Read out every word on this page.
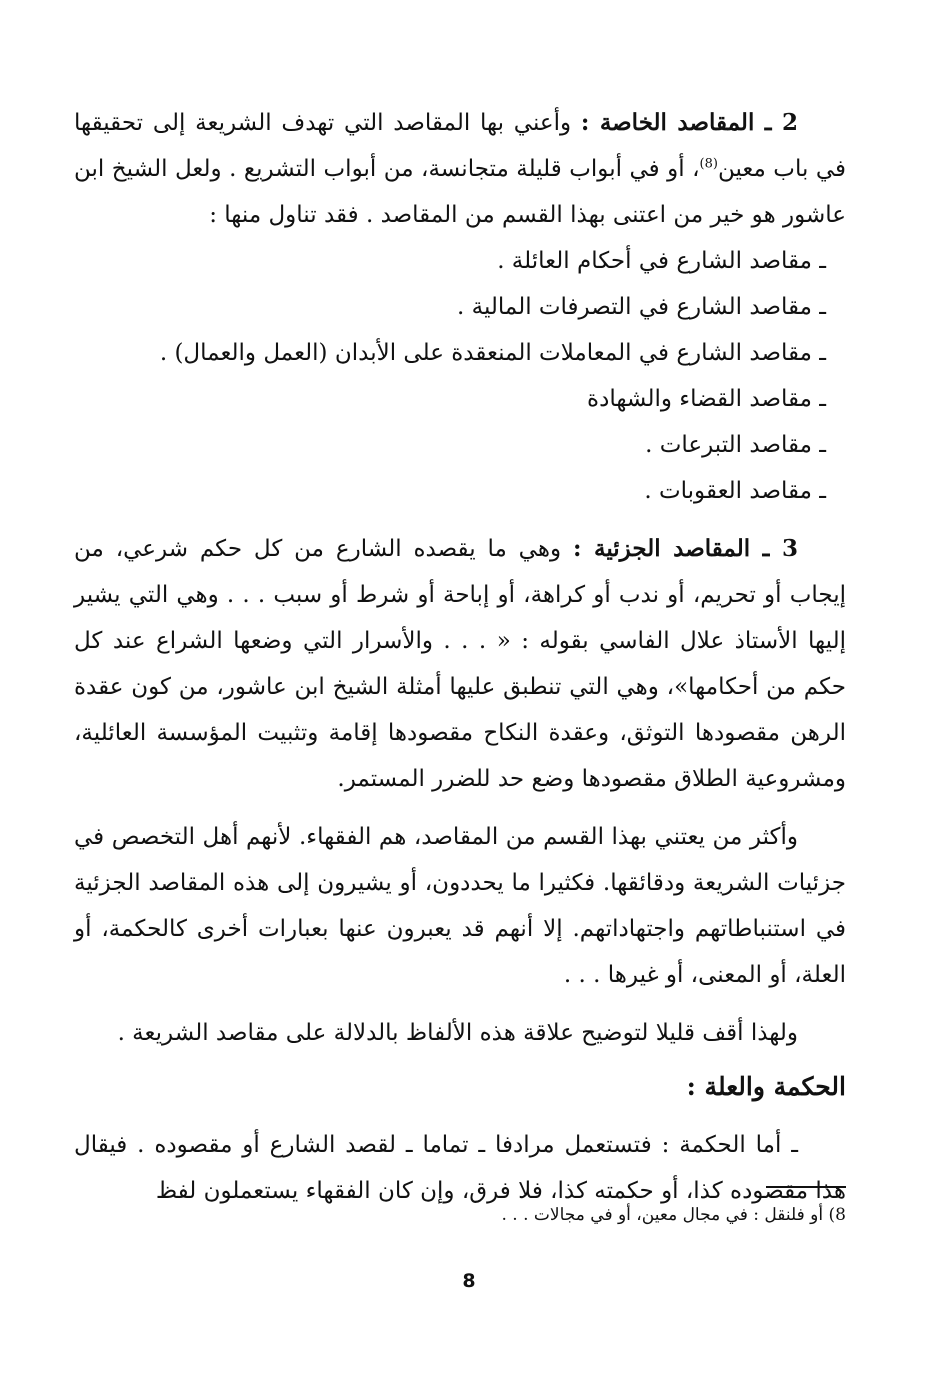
2 ـ المقاصد الخاصة : وأعني بها المقاصد التي تهدف الشريعة إلى تحقيقها في باب معين$^{(8)}$، أو في أبواب قليلة متجانسة، من أبواب التشريع . ولعل الشيخ ابن عاشور هو خير من اعتنى بهذا القسم من المقاصد . فقد تناول منها :

ـ مقاصد الشارع في أحكام العائلة .
ـ مقاصد الشارع في التصرفات المالية .
ـ مقاصد الشارع في المعاملات المنعقدة على الأبدان (العمل والعمال) .
ـ مقاصد القضاء والشهادة
ـ مقاصد التبرعات .
ـ مقاصد العقوبات .

3 ـ المقاصد الجزئية : وهي ما يقصده الشارع من كل حكم شرعي، من إيجاب أو تحريم، أو ندب أو كراهة، أو إباحة أو شرط أو سبب . . . وهي التي يشير إليها الأستاذ علال الفاسي بقوله : « . . . والأسرار التي وضعها الشراع عند كل حكم من أحكامها»، وهي التي تنطبق عليها أمثلة الشيخ ابن عاشور، من كون عقدة الرهن مقصودها التوثق، وعقدة النكاح مقصودها إقامة وتثبيت المؤسسة العائلية، ومشروعية الطلاق مقصودها وضع حد للضرر المستمر.

وأكثر من يعتني بهذا القسم من المقاصد، هم الفقهاء. لأنهم أهل التخصص في جزئيات الشريعة ودقائقها. فكثيرا ما يحددون، أو يشيرون إلى هذه المقاصد الجزئية في استنباطاتهم واجتهاداتهم. إلا أنهم قد يعبرون عنها بعبارات أخرى كالحكمة، أو العلة، أو المعنى، أو غيرها . . .

ولهذا أقف قليلا لتوضيح علاقة هذه الألفاظ بالدلالة على مقاصد الشريعة .

الحكمة والعلة :

ـ أما الحكمة : فتستعمل مرادفا ـ تماما ـ لقصد الشارع أو مقصوده . فيقال هذا مقصوده كذا، أو حكمته كذا، فلا فرق، وإن كان الفقهاء يستعملون لفظ

8) أو فلنقل : في مجال معين، أو في مجالات . . .
8
